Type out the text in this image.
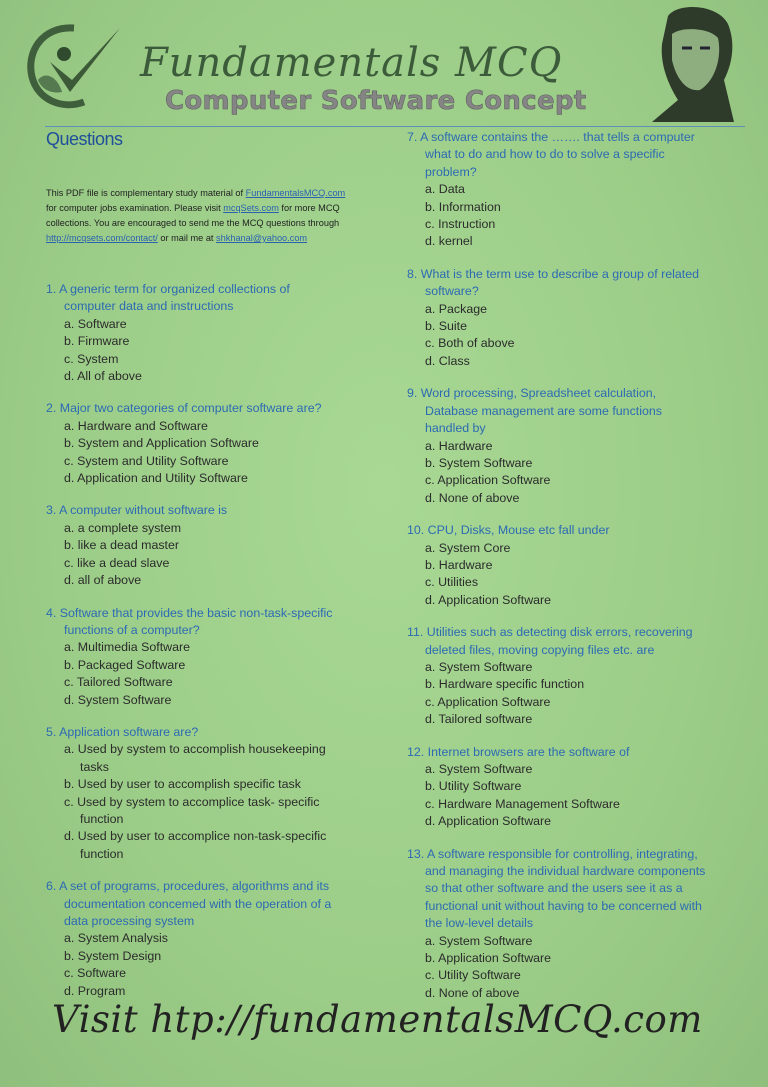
Fundamentals MCQ
Computer Software Concept
Questions
This PDF file is complementary study material of FundamentalsMCQ.com
for computer jobs examination. Please visit mcqSets.com for more MCQ
collections. You are encouraged to send me the MCQ questions through
http://mcqsets.com/contact/ or mail me at shkhanal@yahoo.com
1. A generic term for organized collections of
computer data and instructions
a. Software
b. Firmware
c. System
d. All of above
2. Major two categories of computer software are?
a. Hardware and Software
b. System and Application Software
c. System and Utility Software
d. Application and Utility Software
3. A computer without software is
a. a complete system
b. like a dead master
c. like a dead slave
d. all of above
4. Software that provides the basic non-task-specific
functions of a computer?
a. Multimedia Software
b. Packaged Software
c. Tailored Software
d. System Software
5. Application software are?
a. Used by system to accomplish housekeeping
tasks
b. Used by user to accomplish specific task
c. Used by system to accomplice task- specific
function
d. Used by user to accomplice non-task-specific
function
6. A set of programs, procedures, algorithms and its
documentation concemed with the operation of a
data processing system
a. System Analysis
b. System Design
c. Software
d. Program
7. A software contains the ……. that tells a computer
what to do and how to do to solve a specific
problem?
a. Data
b. Information
c. Instruction
d. kernel
8. What is the term use to describe a group of related
software?
a. Package
b. Suite
c. Both of above
d. Class
9. Word processing, Spreadsheet calculation,
Database management are some functions
handled by
a. Hardware
b. System Software
c. Application Software
d. None of above
10. CPU, Disks, Mouse etc fall under
a. System Core
b. Hardware
c. Utilities
d. Application Software
11. Utilities such as detecting disk errors, recovering
deleted files, moving copying files etc. are
a. System Software
b. Hardware specific function
c. Application Software
d. Tailored software
12. Internet browsers are the software of
a. System Software
b. Utility Software
c. Hardware Management Software
d. Application Software
13. A software responsible for controlling, integrating,
and managing the individual hardware components
so that other software and the users see it as a
functional unit without having to be concerned with
the low-level details
a. System Software
b. Application Software
c. Utility Software
d. None of above
Visit htp://fundamentalsMCQ.com
